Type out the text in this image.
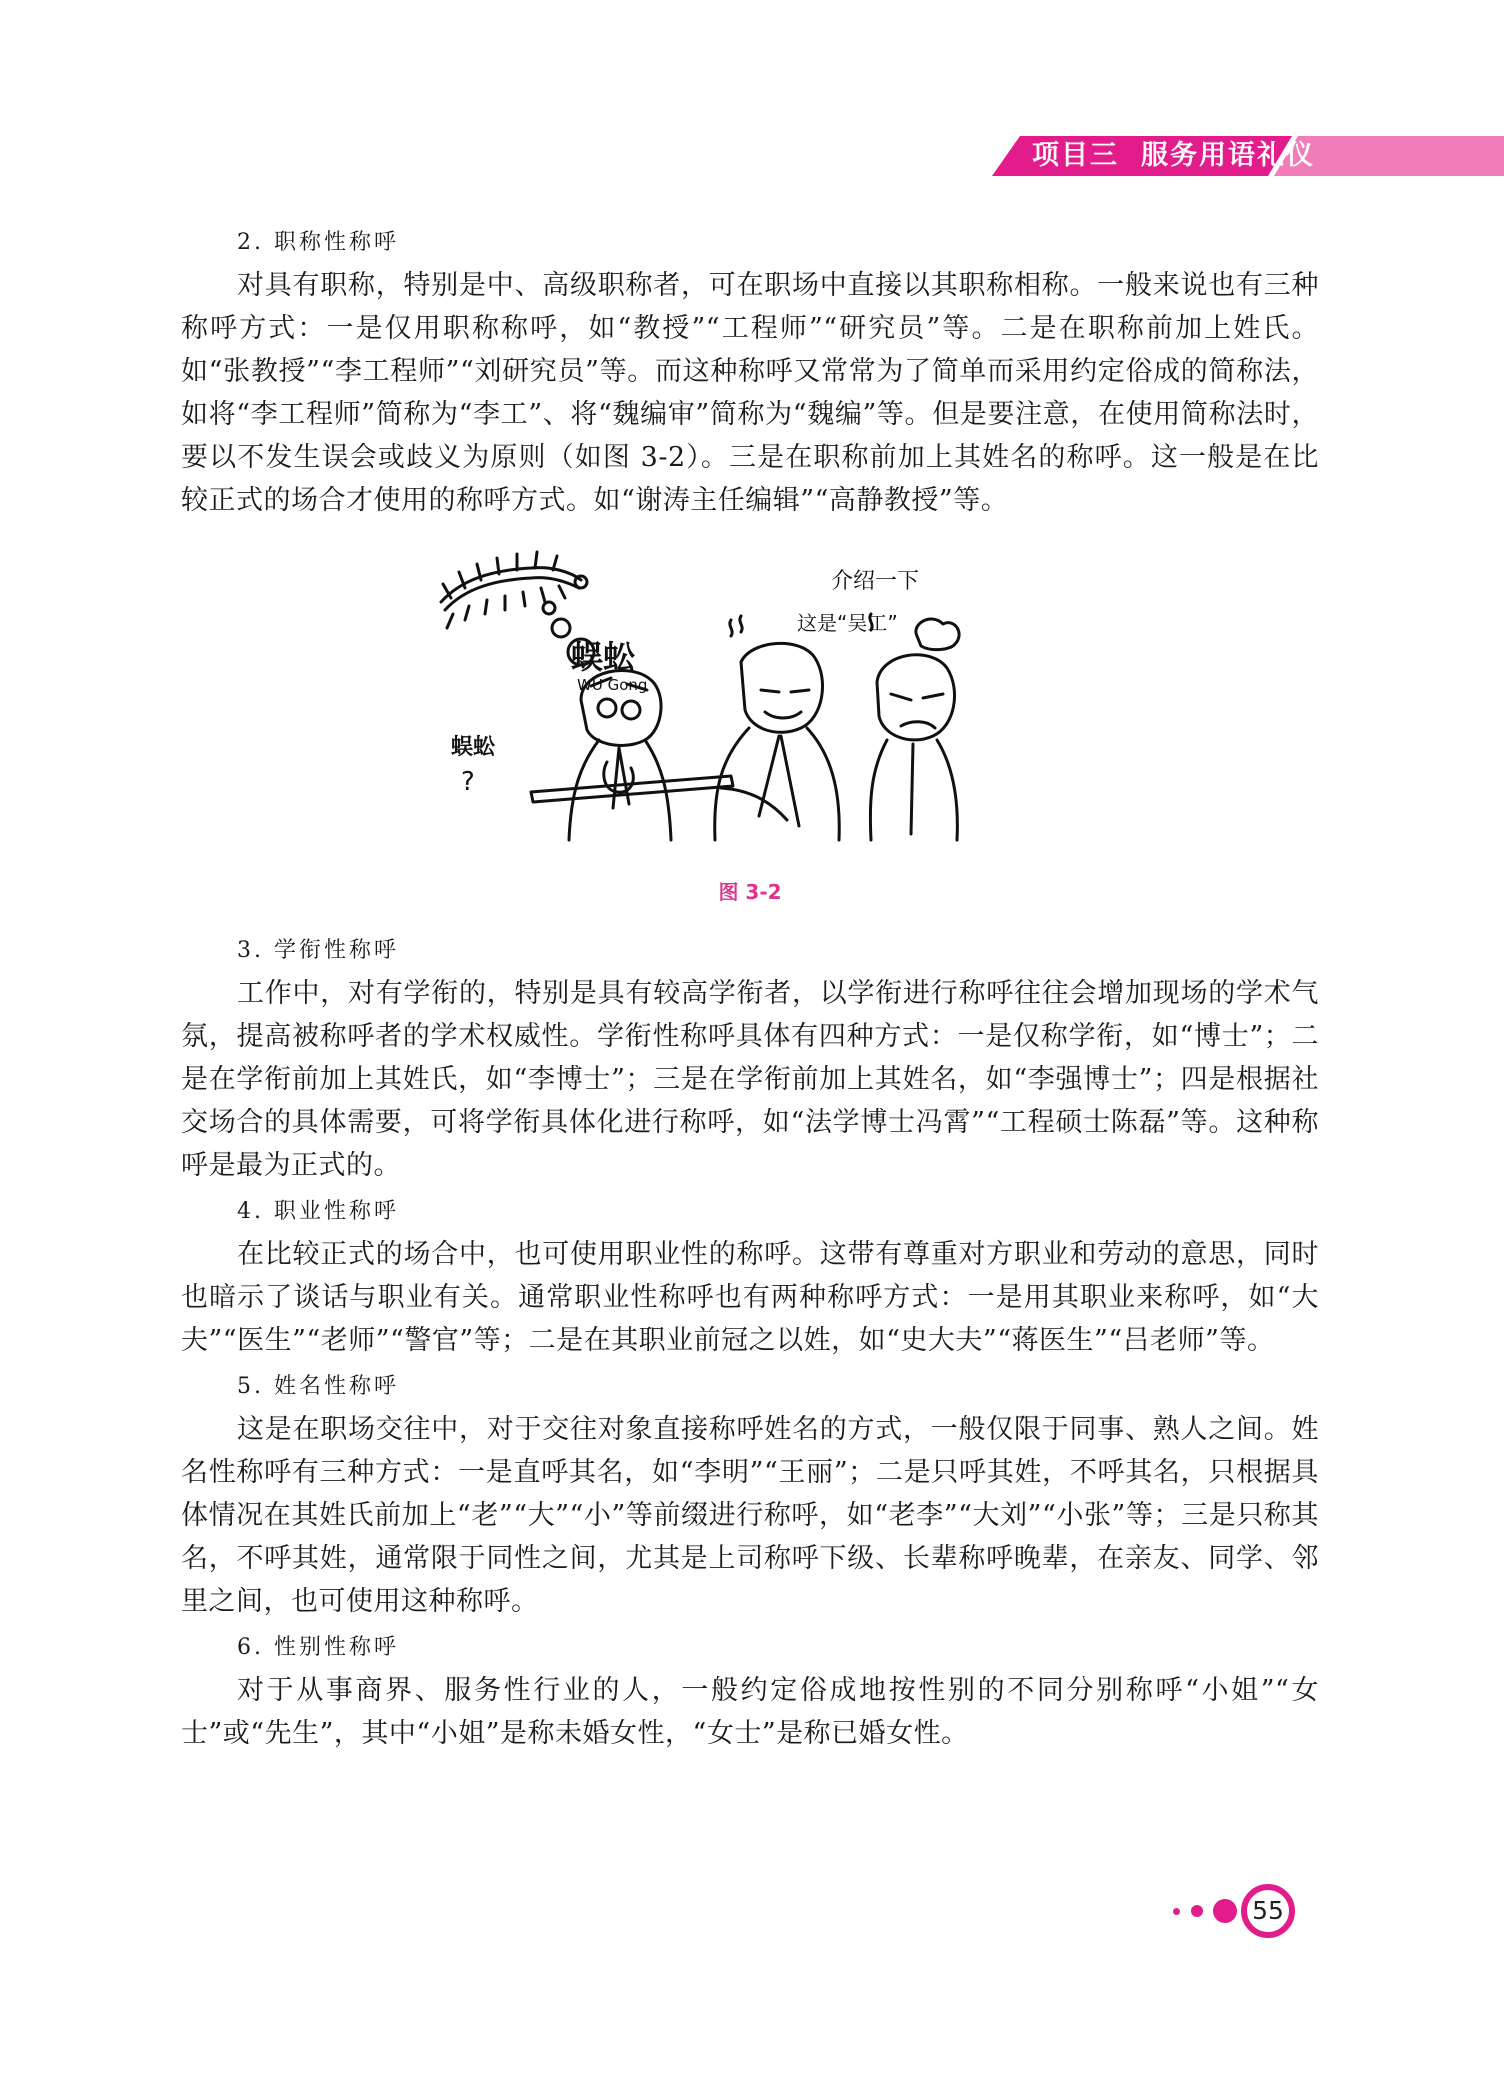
项目三 服务用语礼仪
2. 职称性称呼

对具有职称，特别是中、高级职称者，可在职场中直接以其职称相称。一般来说也有三种称呼方式：一是仅用职称称呼，如“教授”“工程师”“研究员”等。二是在职称前加上姓氏。如“张教授”“李工程师”“刘研究员”等。而这种称呼又常常为了简单而采用约定俗成的简称法，如将“李工程师”简称为“李工”、将“魏编审”简称为“魏编”等。但是要注意，在使用简称法时，要以不发生误会或歧义为原则（如图 3-2）。三是在职称前加上其姓名的称呼。这一般是在比较正式的场合才使用的称呼方式。如“谢涛主任编辑”“高静教授”等。

蜈蚣
WU Gong
介绍一下
这是“吴工”
蜈蚣
?
图 3-2
3. 学衔性称呼

工作中，对有学衔的，特别是具有较高学衔者，以学衔进行称呼往往会增加现场的学术气氛，提高被称呼者的学术权威性。学衔性称呼具体有四种方式：一是仅称学衔，如“博士”；二是在学衔前加上其姓氏，如“李博士”；三是在学衔前加上其姓名，如“李强博士”；四是根据社交场合的具体需要，可将学衔具体化进行称呼，如“法学博士冯霄”“工程硕士陈磊”等。这种称呼是最为正式的。

4. 职业性称呼

在比较正式的场合中，也可使用职业性的称呼。这带有尊重对方职业和劳动的意思，同时也暗示了谈话与职业有关。通常职业性称呼也有两种称呼方式：一是用其职业来称呼，如“大夫”“医生”“老师”“警官”等；二是在其职业前冠之以姓，如“史大夫”“蒋医生”“吕老师”等。

5. 姓名性称呼

这是在职场交往中，对于交往对象直接称呼姓名的方式，一般仅限于同事、熟人之间。姓名性称呼有三种方式：一是直呼其名，如“李明”“王丽”；二是只呼其姓，不呼其名，只根据具体情况在其姓氏前加上“老”“大”“小”等前缀进行称呼，如“老李”“大刘”“小张”等；三是只称其名，不呼其姓，通常限于同性之间，尤其是上司称呼下级、长辈称呼晚辈，在亲友、同学、邻里之间，也可使用这种称呼。

6. 性别性称呼

对于从事商界、服务性行业的人，一般约定俗成地按性别的不同分别称呼“小姐”“女士”或“先生”，其中“小姐”是称未婚女性，“女士”是称已婚女性。

55
